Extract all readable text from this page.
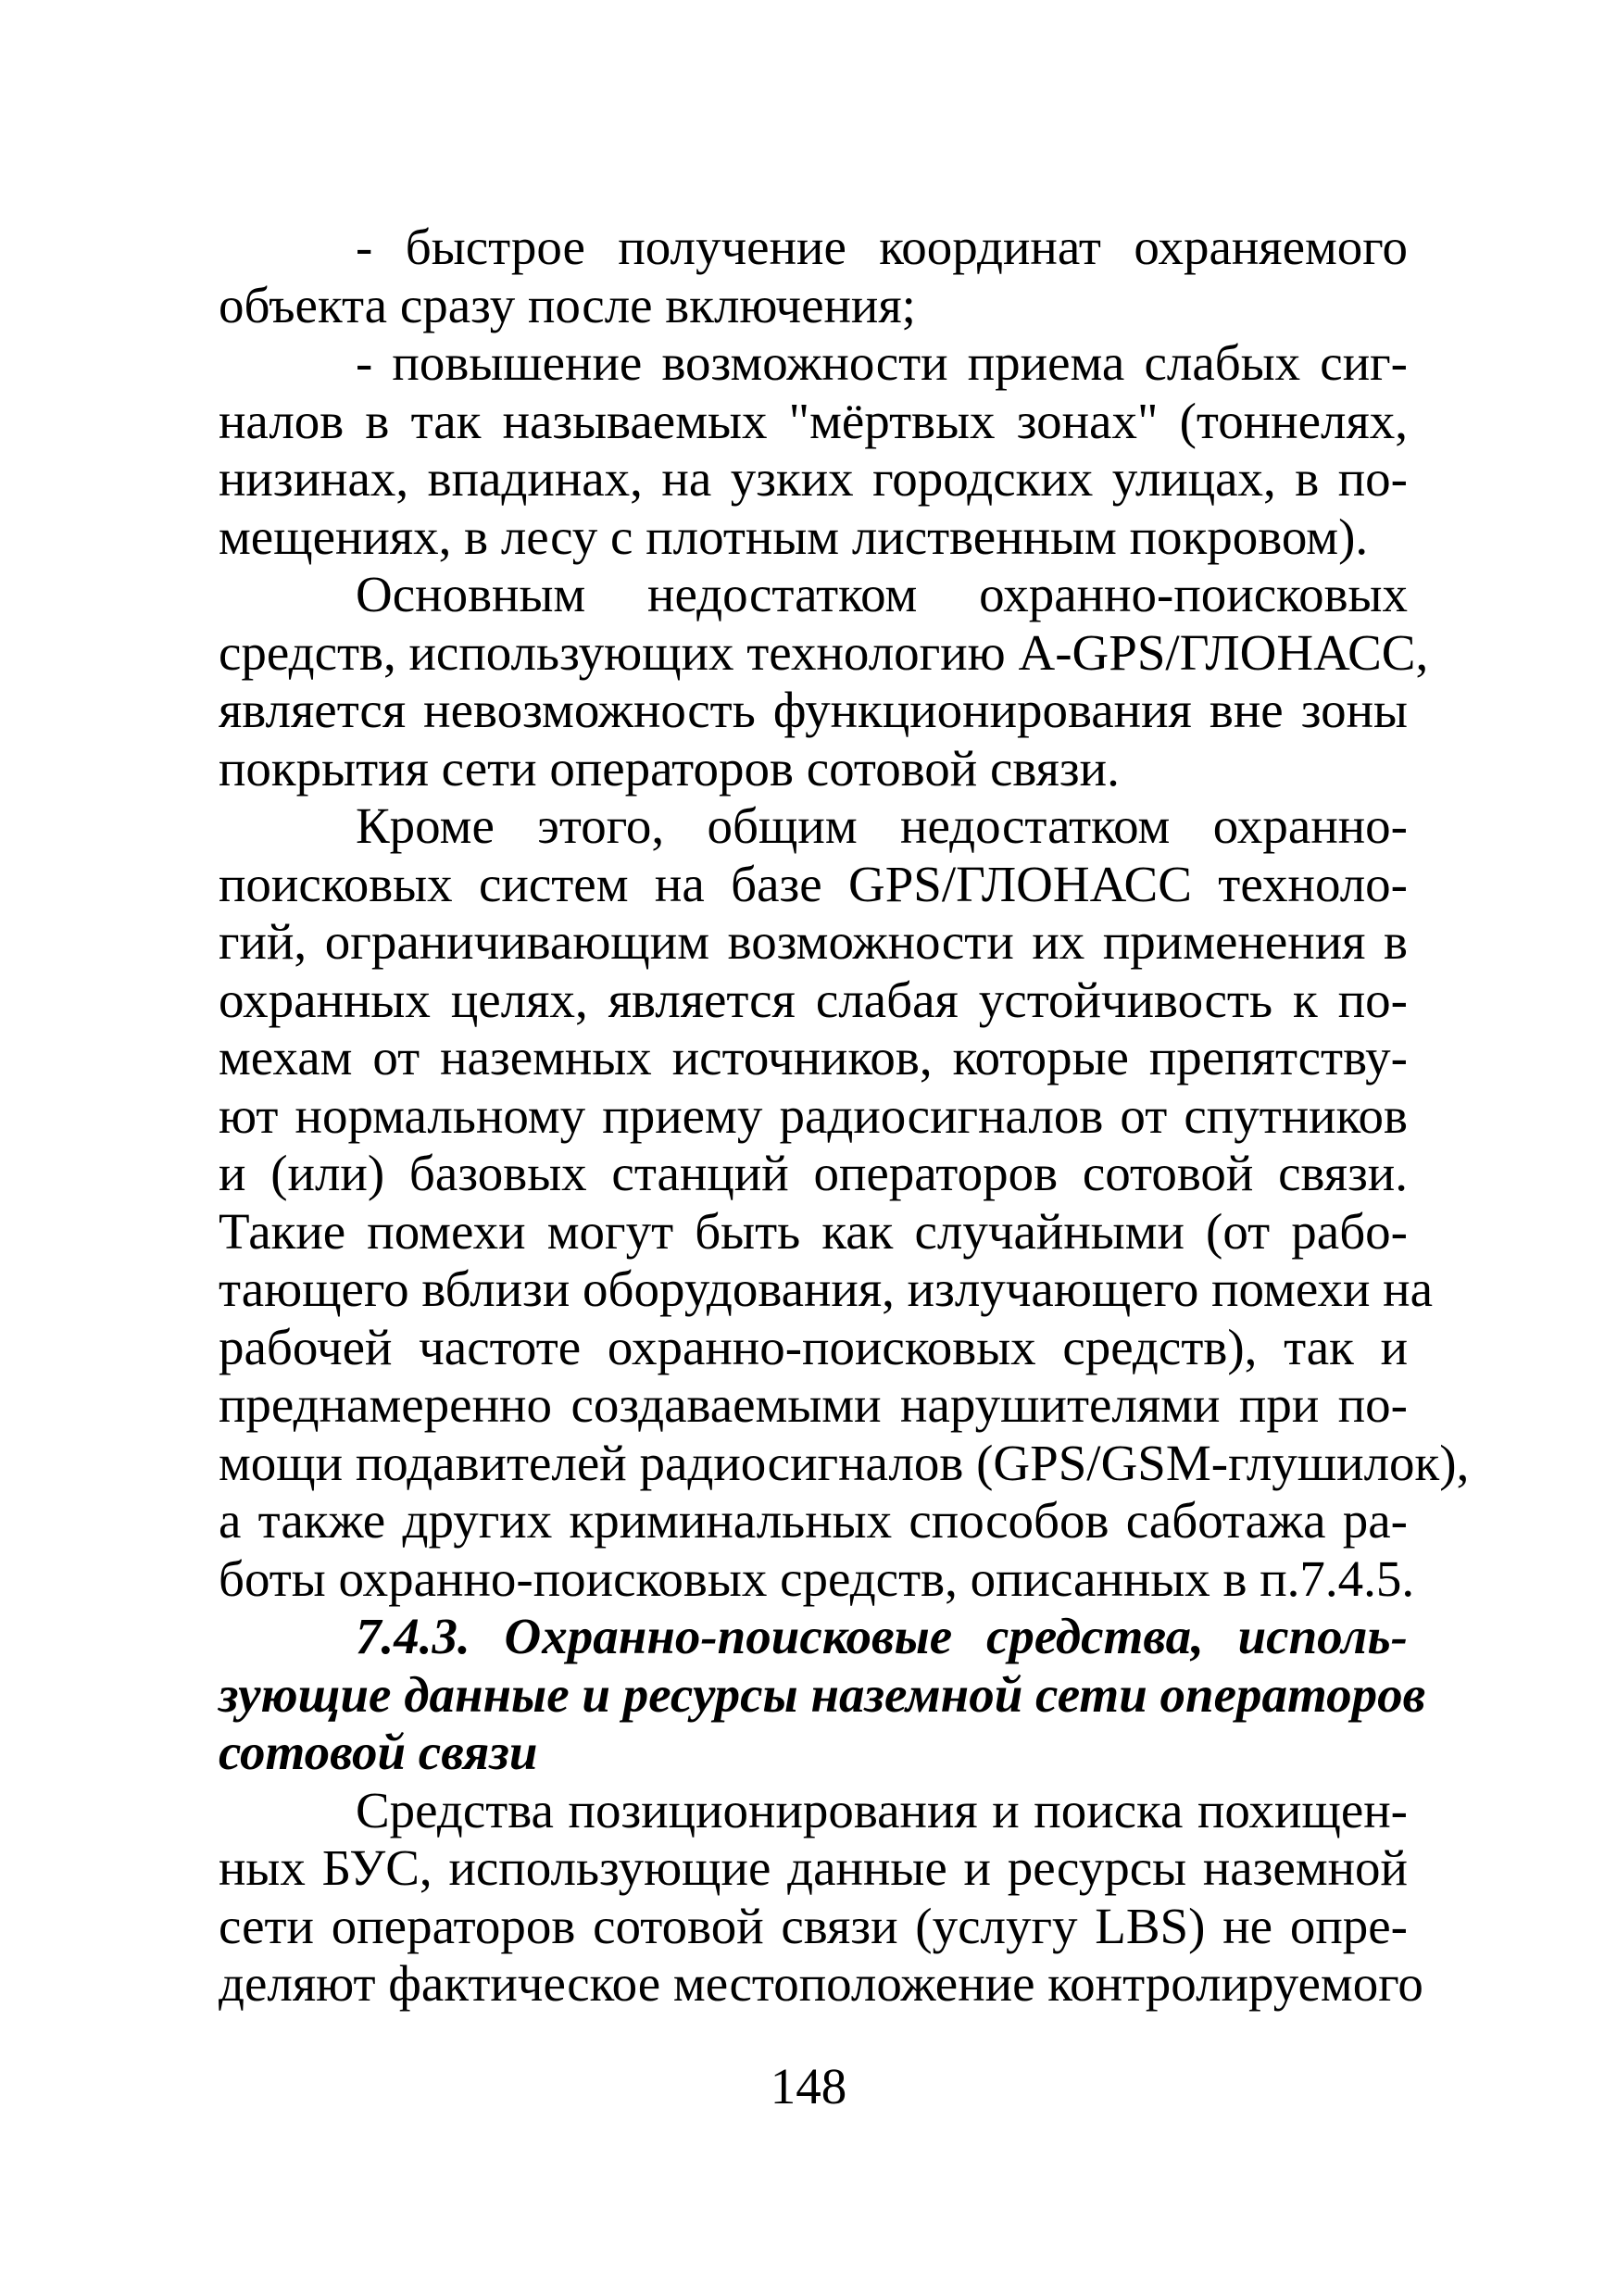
- быстрое получение координат охраняемого
объекта сразу после включения;
- повышение возможности приема слабых сиг-
налов в так называемых "мёртвых зонах" (тоннелях,
низинах, впадинах, на узких городских улицах, в по-
мещениях, в лесу с плотным лиственным покровом).
Основным недостатком охранно-поисковых
средств, использующих технологию A-GPS/ГЛОНАСС,
является невозможность функционирования вне зоны
покрытия сети операторов сотовой связи.
Кроме этого, общим недостатком охранно-
поисковых систем на базе GPS/ГЛОНАСС техноло-
гий, ограничивающим возможности их применения в
охранных целях, является слабая устойчивость к по-
мехам от наземных источников, которые препятству-
ют нормальному приему радиосигналов от спутников
и (или) базовых станций операторов сотовой связи.
Такие помехи могут быть как случайными (от рабо-
тающего вблизи оборудования, излучающего помехи на
рабочей частоте охранно-поисковых средств), так и
преднамеренно создаваемыми нарушителями при по-
мощи подавителей радиосигналов (GPS/GSM-глушилок),
а также других криминальных способов саботажа ра-
боты охранно-поисковых средств, описанных в п.7.4.5.
7.4.3. Охранно-поисковые средства, исполь-
зующие данные и ресурсы наземной сети операторов
сотовой связи
Средства позиционирования и поиска похищен-
ных БУС, использующие данные и ресурсы наземной
сети операторов сотовой связи (услугу LBS) не опре-
деляют фактическое местоположение контролируемого
148
